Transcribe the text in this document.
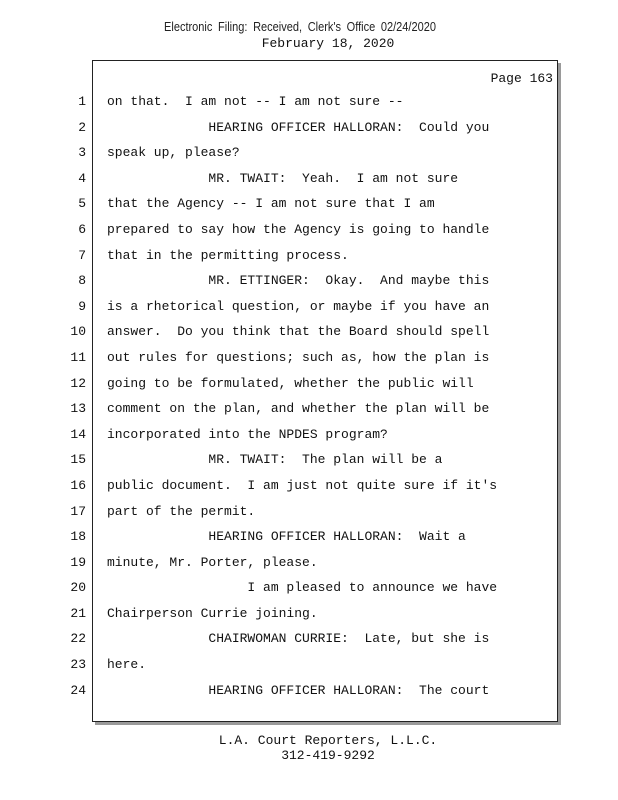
Electronic Filing: Received, Clerk's Office 02/24/2020
February 18, 2020
Page 163
1
2
3
4
5
6
7
8
9
10
11
12
13
14
15
16
17
18
19
20
21
22
23
24
on that.  I am not -- I am not sure --
HEARING OFFICER HALLORAN:  Could you
speak up, please?
MR. TWAIT:  Yeah.  I am not sure
that the Agency -- I am not sure that I am
prepared to say how the Agency is going to handle
that in the permitting process.
MR. ETTINGER:  Okay.  And maybe this
is a rhetorical question, or maybe if you have an
answer.  Do you think that the Board should spell
out rules for questions; such as, how the plan is
going to be formulated, whether the public will
comment on the plan, and whether the plan will be
incorporated into the NPDES program?
MR. TWAIT:  The plan will be a
public document.  I am just not quite sure if it's
part of the permit.
HEARING OFFICER HALLORAN:  Wait a
minute, Mr. Porter, please.
I am pleased to announce we have
Chairperson Currie joining.
CHAIRWOMAN CURRIE:  Late, but she is
here.
HEARING OFFICER HALLORAN:  The court
L.A. Court Reporters, L.L.C.
312-419-9292
